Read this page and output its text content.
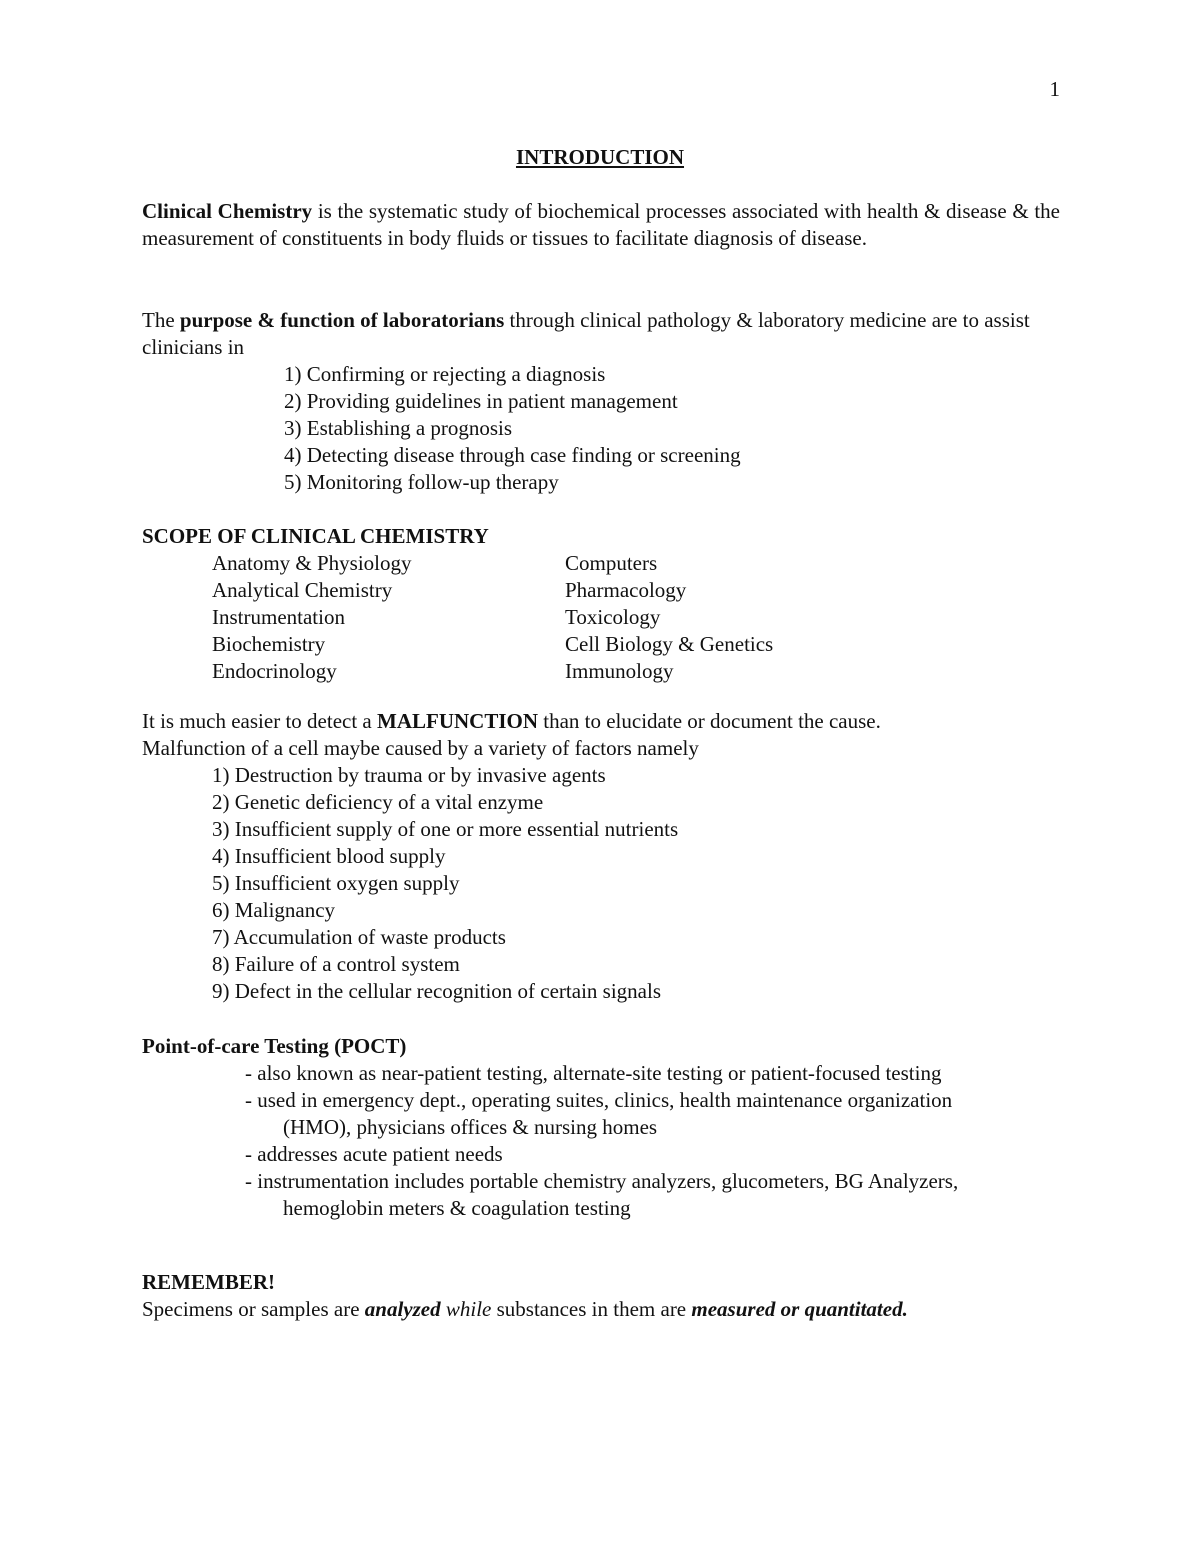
1
INTRODUCTION

Clinical Chemistry is the systematic study of biochemical processes associated with health & disease & the measurement of constituents in body fluids or tissues to facilitate diagnosis of disease.

The purpose & function of laboratorians through clinical pathology & laboratory medicine are to assist clinicians in

1) Confirming or rejecting a diagnosis
2) Providing guidelines in patient management
3) Establishing a prognosis
4) Detecting disease through case finding or screening
5) Monitoring follow-up therapy
SCOPE OF CLINICAL CHEMISTRY
Anatomy & Physiology	Computers
Analytical Chemistry	Pharmacology
Instrumentation	Toxicology
Biochemistry	Cell Biology & Genetics
Endocrinology	Immunology

It is much easier to detect a MALFUNCTION than to elucidate or document the cause.

Malfunction of a cell maybe caused by a variety of factors namely

1) Destruction by trauma or by invasive agents
2) Genetic deficiency of a vital enzyme
3) Insufficient supply of one or more essential nutrients
4) Insufficient blood supply
5) Insufficient oxygen supply
6) Malignancy
7) Accumulation of waste products
8) Failure of a control system
9) Defect in the cellular recognition of certain signals
Point-of-care Testing (POCT)
- also known as near-patient testing, alternate-site testing or patient-focused testing
- used in emergency dept., operating suites, clinics, health maintenance organization
(HMO), physicians offices & nursing homes
- addresses acute patient needs
- instrumentation includes portable chemistry analyzers, glucometers, BG Analyzers,
hemoglobin meters & coagulation testing
REMEMBER!

Specimens or samples are analyzed while substances in them are measured or quantitated.
